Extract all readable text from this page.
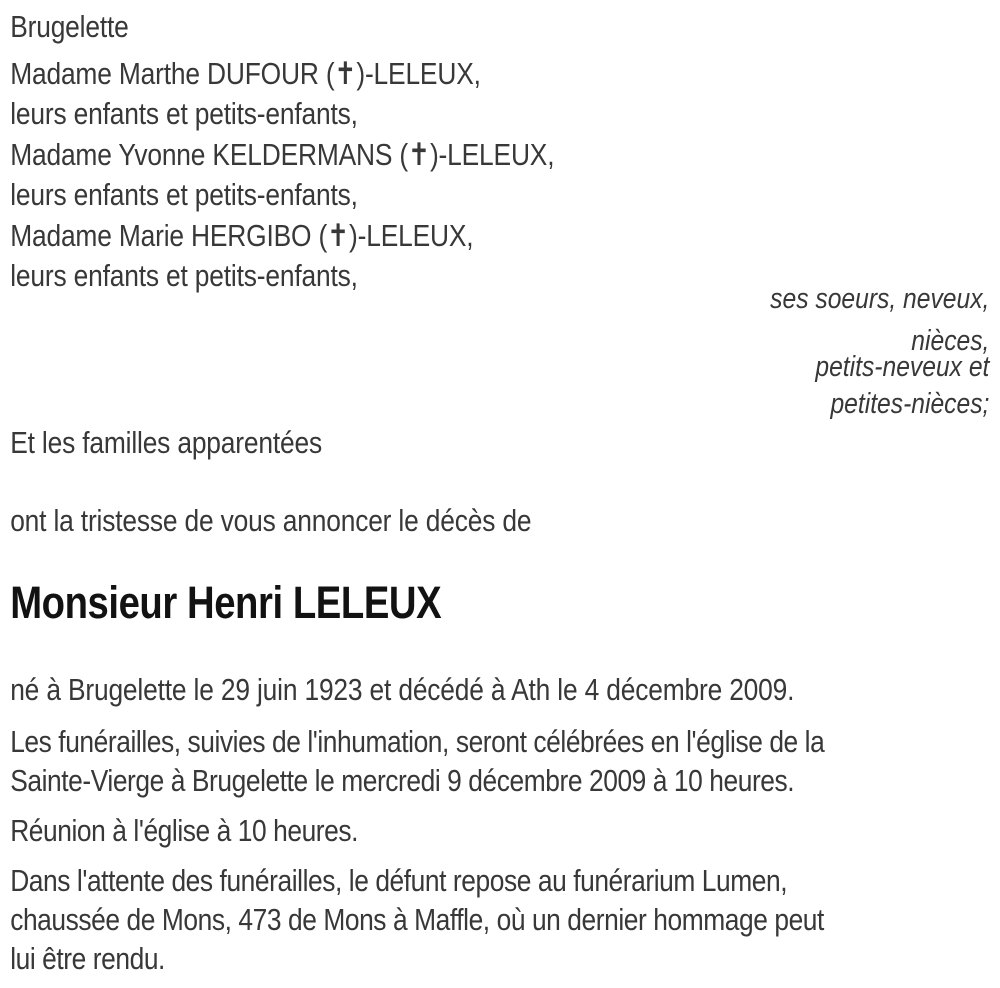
Brugelette

Madame Marthe DUFOUR (✝)-LELEUX,

leurs enfants et petits-enfants,

Madame Yvonne KELDERMANS (✝)-LELEUX,

leurs enfants et petits-enfants,

Madame Marie HERGIBO (✝)-LELEUX,

leurs enfants et petits-enfants,

ses soeurs, neveux,

nièces,

petits-neveux et

petites-nièces;

Et les familles apparentées

ont la tristesse de vous annoncer le décès de

Monsieur Henri LELEUX

né à Brugelette le 29 juin 1923 et décédé à Ath le 4 décembre 2009.

Les funérailles, suivies de l'inhumation, seront célébrées en l'église de la

Sainte-Vierge à Brugelette le mercredi 9 décembre 2009 à 10 heures.

Réunion à l'église à 10 heures.

Dans l'attente des funérailles, le défunt repose au funérarium Lumen,

chaussée de Mons, 473 de Mons à Maffle, où un dernier hommage peut

lui être rendu.
